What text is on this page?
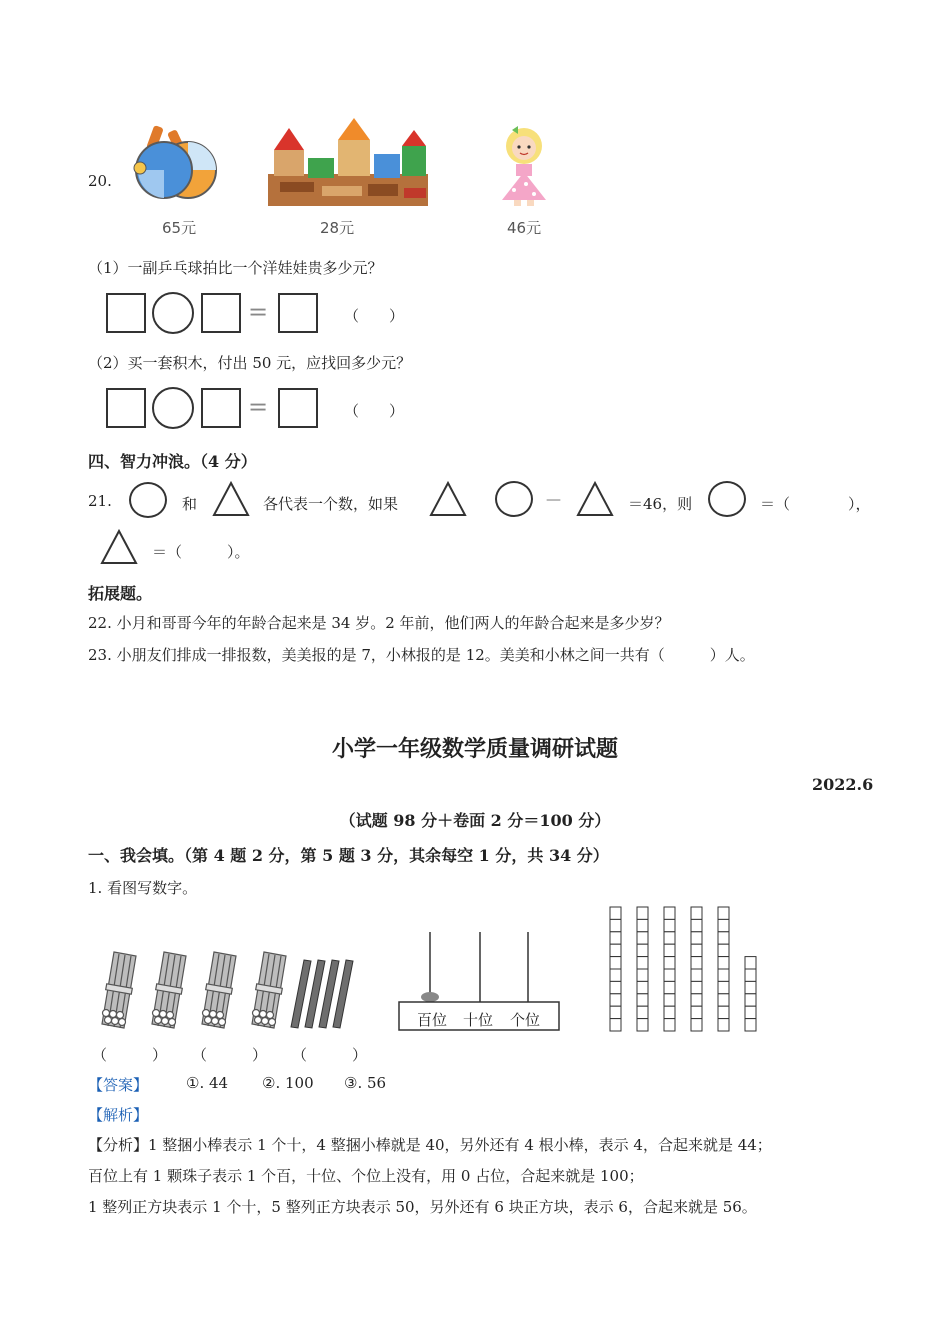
20.
65元	28元	46元
（1）一副乒乓球拍比一个洋娃娃贵多少元？
=	（　　）
（2）买一套积木，付出 50 元，应找回多少元？
=	（　　）
四、智力冲浪。（4 分）
21.	和	各代表一个数，如果	—	＝46，则	＝（	），
＝（　　　）。
拓展题。
22. 小月和哥哥今年的年龄合起来是 34 岁。2 年前，他们两人的年龄合起来是多少岁？
23. 小朋友们排成一排报数，美美报的是 7，小林报的是 12。美美和小林之间一共有（　　　）人。
小学一年级数学质量调研试题
2022.6
（试题 98 分＋卷面 2 分＝100 分）
一、我会填。（第 4 题 2 分，第 5 题 3 分，其余每空 1 分，共 34 分）
1. 看图写数字。
百位 十位 个位
（　　　） （　　　） （　　　）
【答案】	①. 44 ②. 100 ③. 56
【解析】
【分析】1 整捆小棒表示 1 个十，4 整捆小棒就是 40，另外还有 4 根小棒，表示 4，合起来就是 44；
百位上有 1 颗珠子表示 1 个百，十位、个位上没有，用 0 占位，合起来就是 100；
1 整列正方块表示 1 个十，5 整列正方块表示 50，另外还有 6 块正方块，表示 6，合起来就是 56。
